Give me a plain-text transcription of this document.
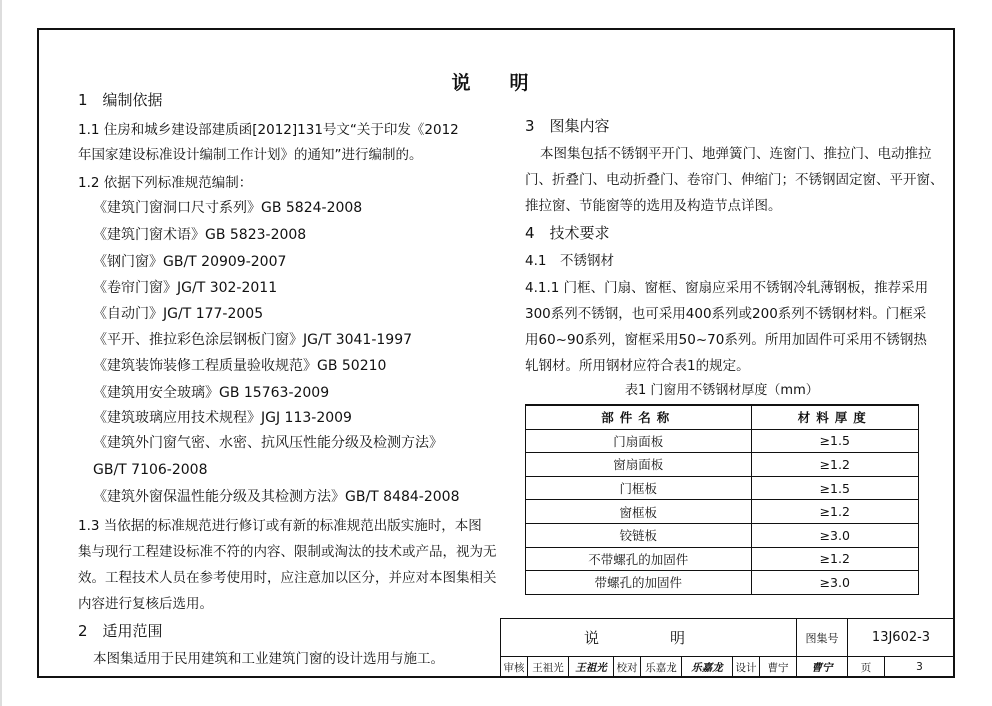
说　明
1　编制依据
1.1 住房和城乡建设部建质函[2012]131号文“关于印发《2012
年国家建设标准设计编制工作计划》的通知”进行编制的。
1.2 依据下列标准规范编制：
《建筑门窗洞口尺寸系列》GB 5824-2008
《建筑门窗术语》GB 5823-2008
《钢门窗》GB/T 20909-2007
《卷帘门窗》JG/T 302-2011
《自动门》JG/T 177-2005
《平开、推拉彩色涂层钢板门窗》JG/T 3041-1997
《建筑装饰装修工程质量验收规范》GB 50210
《建筑用安全玻璃》GB 15763-2009
《建筑玻璃应用技术规程》JGJ 113-2009
《建筑外门窗气密、水密、抗风压性能分级及检测方法》
GB/T 7106-2008
《建筑外窗保温性能分级及其检测方法》GB/T 8484-2008
1.3 当依据的标准规范进行修订或有新的标准规范出版实施时，本图
集与现行工程建设标准不符的内容、限制或淘汰的技术或产品，视为无
效。工程技术人员在参考使用时，应注意加以区分，并应对本图集相关
内容进行复核后选用。
2　适用范围
本图集适用于民用建筑和工业建筑门窗的设计选用与施工。
3　图集内容
本图集包括不锈钢平开门、地弹簧门、连窗门、推拉门、电动推拉
门、折叠门、电动折叠门、卷帘门、伸缩门；不锈钢固定窗、平开窗、
推拉窗、节能窗等的选用及构造节点详图。
4　技术要求
4.1　不锈钢材
4.1.1 门框、门扇、窗框、窗扇应采用不锈钢冷轧薄钢板，推荐采用
300系列不锈钢，也可采用400系列或200系列不锈钢材料。门框采
用60~90系列，窗框采用50~70系列。所用加固件可采用不锈钢热
轧钢材。所用钢材应符合表1的规定。
表1 门窗用不锈钢材厚度（mm）
部件名称	材料厚度
门扇面板	≥1.5
窗扇面板	≥1.2
门框板	≥1.5
窗框板	≥1.2
铰链板	≥3.0
不带螺孔的加固件	≥1.2
带螺孔的加固件	≥3.0
说　明								图集号	13J602-3	
审核	王祖光	王祖光	校对	乐嘉龙	乐嘉龙	设计	曹宁	曹宁	页	3
